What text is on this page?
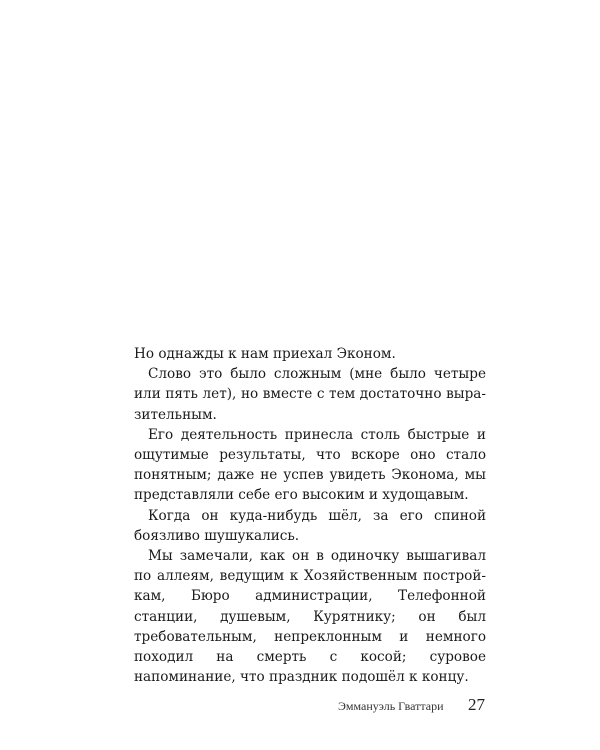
Но однажды к нам приехал Эконом.

Слово это было сложным (мне было четыре или пять лет), но вместе с тем достаточно выразительным.

Его деятельность принесла столь быстрые и ощутимые результаты, что вскоре оно стало понятным; даже не успев увидеть Эконома, мы представляли себе его высоким и худощавым.

Когда он куда-нибудь шёл, за его спиной боязливо шушукались.

Мы замечали, как он в одиночку вышагивал по аллеям, ведущим к Хозяйственным постройкам, Бюро администрации, Телефонной станции, душевым, Курятнику; он был требовательным, непреклонным и немного походил на смерть с косой; суровое напоминание, что праздник подошёл к концу.

Эммануэль Гваттари 27
